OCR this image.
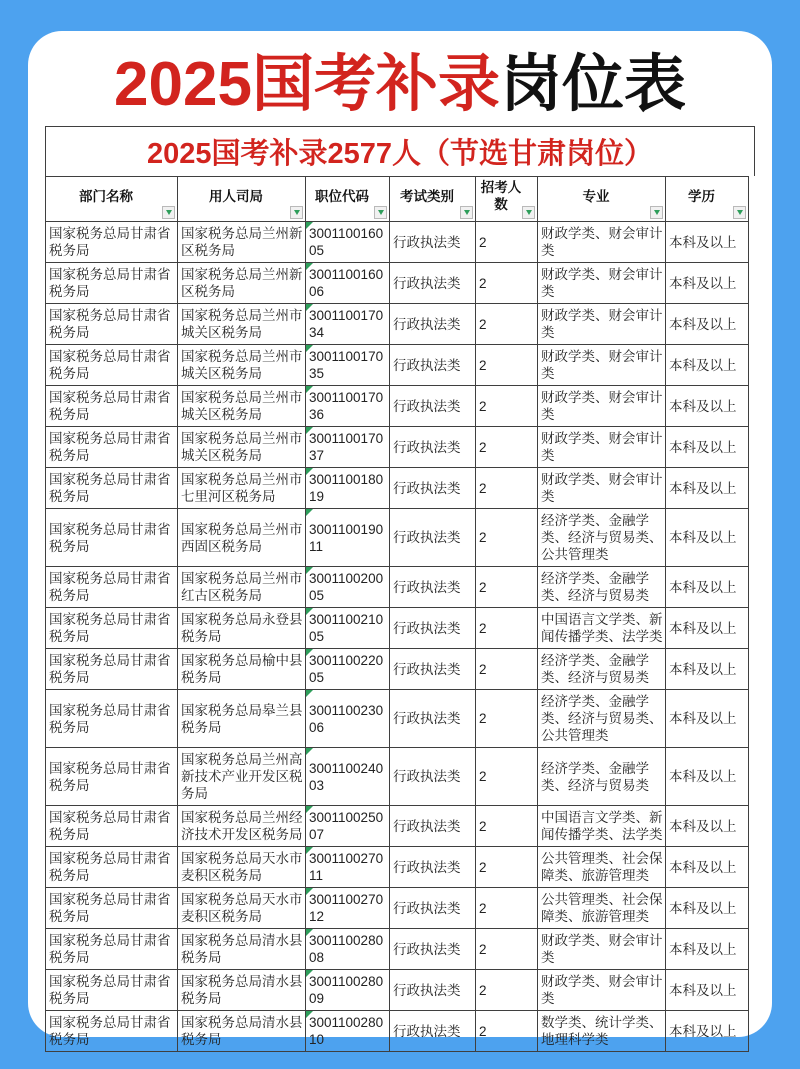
2025国考补录 岗位表
2025国考补录2577人（节选甘肃岗位）
部门名称	用人司局	职位代码	考试类别	招考人数	专业	学历

国家税务总局甘肃省税务局	国家税务总局兰州新区税务局	300110016005	行政执法类	2	财政学类、财会审计类	本科及以上
国家税务总局甘肃省税务局	国家税务总局兰州新区税务局	300110016006	行政执法类	2	财政学类、财会审计类	本科及以上
国家税务总局甘肃省税务局	国家税务总局兰州市城关区税务局	300110017034	行政执法类	2	财政学类、财会审计类	本科及以上
国家税务总局甘肃省税务局	国家税务总局兰州市城关区税务局	300110017035	行政执法类	2	财政学类、财会审计类	本科及以上
国家税务总局甘肃省税务局	国家税务总局兰州市城关区税务局	300110017036	行政执法类	2	财政学类、财会审计类	本科及以上
国家税务总局甘肃省税务局	国家税务总局兰州市城关区税务局	300110017037	行政执法类	2	财政学类、财会审计类	本科及以上
国家税务总局甘肃省税务局	国家税务总局兰州市七里河区税务局	300110018019	行政执法类	2	财政学类、财会审计类	本科及以上
国家税务总局甘肃省税务局	国家税务总局兰州市西固区税务局	300110019011	行政执法类	2	经济学类、金融学类、经济与贸易类、公共管理类	本科及以上
国家税务总局甘肃省税务局	国家税务总局兰州市红古区税务局	300110020005	行政执法类	2	经济学类、金融学类、经济与贸易类	本科及以上
国家税务总局甘肃省税务局	国家税务总局永登县税务局	300110021005	行政执法类	2	中国语言文学类、新闻传播学类、法学类	本科及以上
国家税务总局甘肃省税务局	国家税务总局榆中县税务局	300110022005	行政执法类	2	经济学类、金融学类、经济与贸易类	本科及以上
国家税务总局甘肃省税务局	国家税务总局皋兰县税务局	300110023006	行政执法类	2	经济学类、金融学类、经济与贸易类、公共管理类	本科及以上
国家税务总局甘肃省税务局	国家税务总局兰州高新技术产业开发区税务局	300110024003	行政执法类	2	经济学类、金融学类、经济与贸易类	本科及以上
国家税务总局甘肃省税务局	国家税务总局兰州经济技术开发区税务局	300110025007	行政执法类	2	中国语言文学类、新闻传播学类、法学类	本科及以上
国家税务总局甘肃省税务局	国家税务总局天水市麦积区税务局	300110027011	行政执法类	2	公共管理类、社会保障类、旅游管理类	本科及以上
国家税务总局甘肃省税务局	国家税务总局天水市麦积区税务局	300110027012	行政执法类	2	公共管理类、社会保障类、旅游管理类	本科及以上
国家税务总局甘肃省税务局	国家税务总局清水县税务局	300110028008	行政执法类	2	财政学类、财会审计类	本科及以上
国家税务总局甘肃省税务局	国家税务总局清水县税务局	300110028009	行政执法类	2	财政学类、财会审计类	本科及以上
国家税务总局甘肃省税务局	国家税务总局清水县税务局	300110028010	行政执法类	2	数学类、统计学类、地理科学类	本科及以上
